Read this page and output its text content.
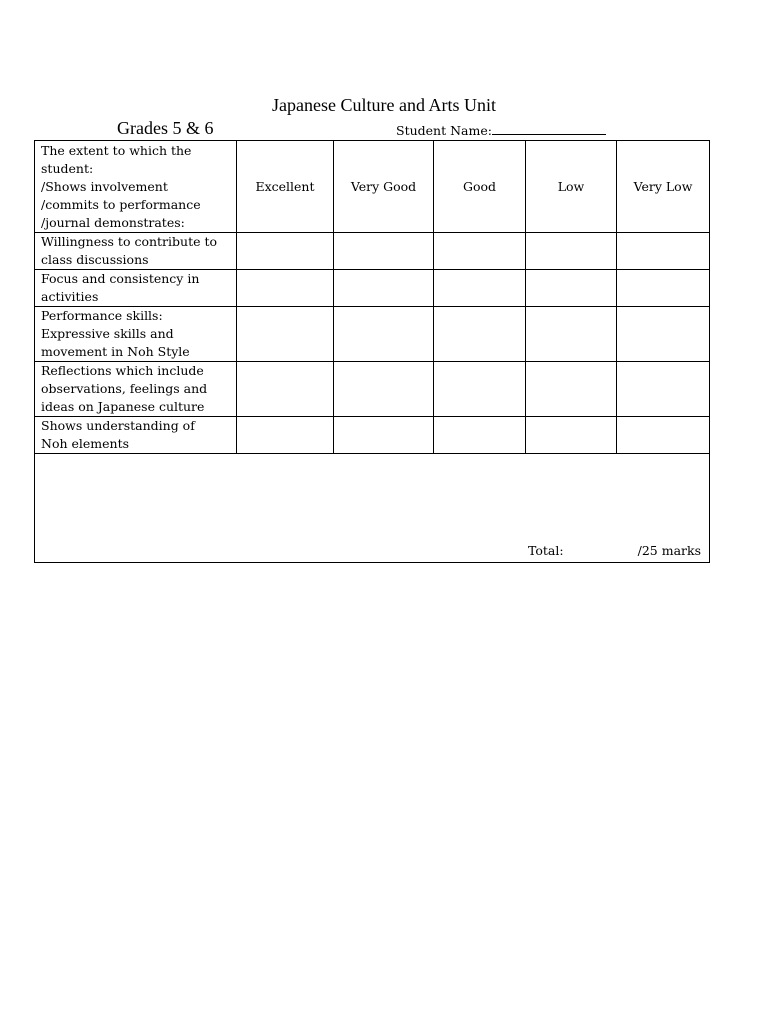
Japanese Culture and Arts Unit
Grades 5 & 6	Student Name:
The extent to which the
student:
/Shows involvement
/commits to performance
/journal demonstrates:	Excellent	Very Good	Good	Low	Very Low

Willingness to contribute to
class discussions					

Focus and consistency in
activities					

Performance skills:
Expressive skills and
movement in Noh Style					

Reflections which include
observations, feelings and
ideas on Japanese culture					

Shows understanding of
Noh elements					

Total: /25 marks					
